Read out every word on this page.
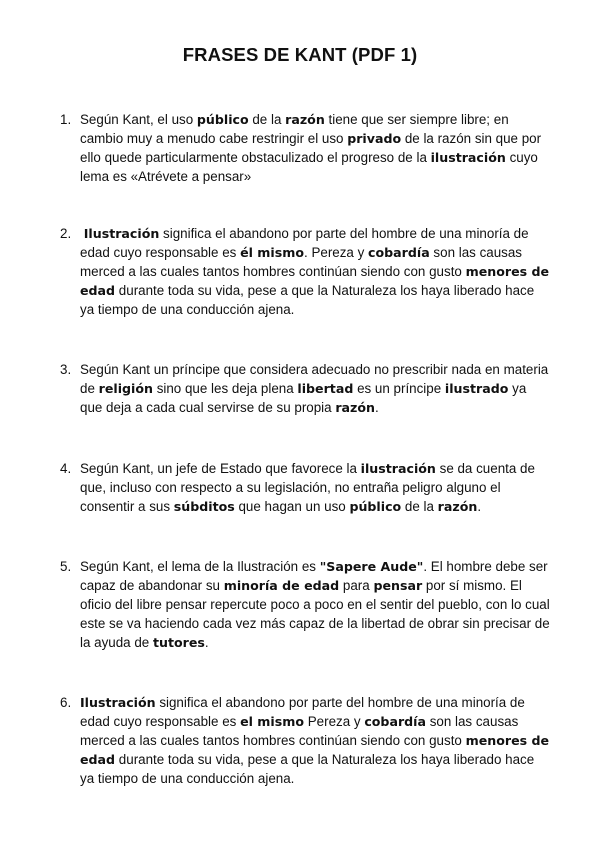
FRASES DE KANT (PDF 1)
1. Según Kant, el uso público de la razón tiene que ser siempre libre; en cambio muy a menudo cabe restringir el uso privado de la razón sin que por ello quede particularmente obstaculizado el progreso de la ilustración cuyo lema es «Atrévete a pensar»
2. Ilustración significa el abandono por parte del hombre de una minoría de edad cuyo responsable es él mismo. Pereza y cobardía son las causas merced a las cuales tantos hombres continúan siendo con gusto menores de edad durante toda su vida, pese a que la Naturaleza los haya liberado hace ya tiempo de una conducción ajena.
3. Según Kant un príncipe que considera adecuado no prescribir nada en materia de religión sino que les deja plena libertad es un príncipe ilustrado ya que deja a cada cual servirse de su propia razón.
4. Según Kant, un jefe de Estado que favorece la ilustración se da cuenta de que, incluso con respecto a su legislación, no entraña peligro alguno el consentir a sus súbditos que hagan un uso público de la razón.
5. Según Kant, el lema de la Ilustración es "Sapere Aude". El hombre debe ser capaz de abandonar su minoría de edad para pensar por sí mismo. El oficio del libre pensar repercute poco a poco en el sentir del pueblo, con lo cual este se va haciendo cada vez más capaz de la libertad de obrar sin precisar de la ayuda de tutores.
6. Ilustración significa el abandono por parte del hombre de una minoría de edad cuyo responsable es el mismo Pereza y cobardía son las causas merced a las cuales tantos hombres continúan siendo con gusto menores de edad durante toda su vida, pese a que la Naturaleza los haya liberado hace ya tiempo de una conducción ajena.
